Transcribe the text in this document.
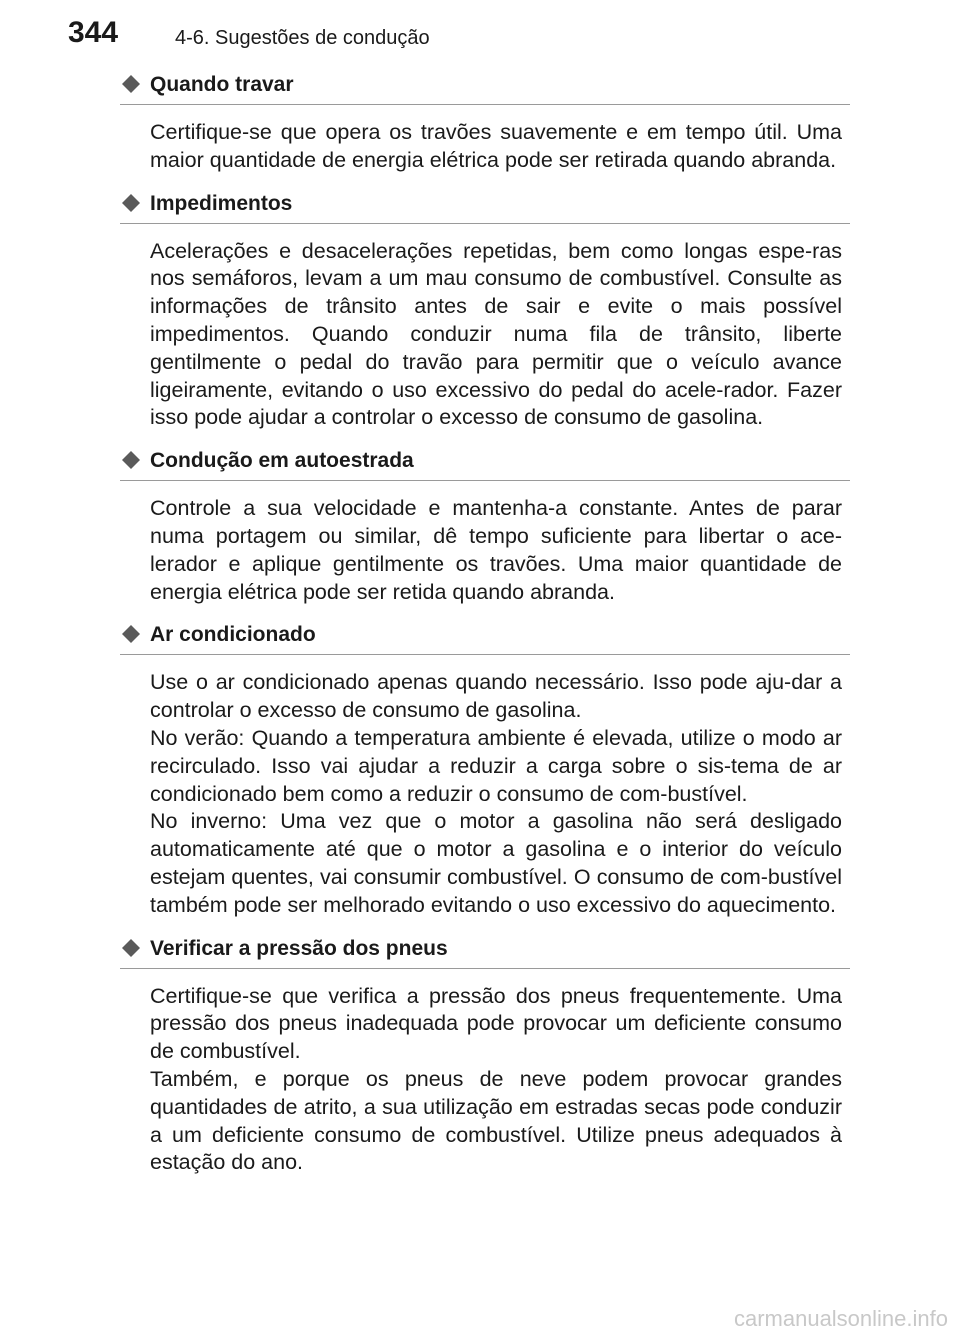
344	4-6. Sugestões de condução
Quando travar

Certifique-se que opera os travões suavemente e em tempo útil. Uma maior quantidade de energia elétrica pode ser retirada quando abranda.

Impedimentos

Acelerações e desacelerações repetidas, bem como longas espe-ras nos semáforos, levam a um mau consumo de combustível. Consulte as informações de trânsito antes de sair e evite o mais possível impedimentos. Quando conduzir numa fila de trânsito, liberte gentilmente o pedal do travão para permitir que o veículo avance ligeiramente, evitando o uso excessivo do pedal do acele-rador. Fazer isso pode ajudar a controlar o excesso de consumo de gasolina.

Condução em autoestrada

Controle a sua velocidade e mantenha-a constante. Antes de parar numa portagem ou similar, dê tempo suficiente para libertar o ace-lerador e aplique gentilmente os travões. Uma maior quantidade de energia elétrica pode ser retida quando abranda.

Ar condicionado

Use o ar condicionado apenas quando necessário. Isso pode aju-dar a controlar o excesso de consumo de gasolina.

No verão: Quando a temperatura ambiente é elevada, utilize o modo ar recirculado. Isso vai ajudar a reduzir a carga sobre o sis-tema de ar condicionado bem como a reduzir o consumo de com-bustível.

No inverno: Uma vez que o motor a gasolina não será desligado automaticamente até que o motor a gasolina e o interior do veículo estejam quentes, vai consumir combustível. O consumo de com-bustível também pode ser melhorado evitando o uso excessivo do aquecimento.

Verificar a pressão dos pneus

Certifique-se que verifica a pressão dos pneus frequentemente. Uma pressão dos pneus inadequada pode provocar um deficiente consumo de combustível.

Também, e porque os pneus de neve podem provocar grandes quantidades de atrito, a sua utilização em estradas secas pode conduzir a um deficiente consumo de combustível. Utilize pneus adequados à estação do ano.

carmanualsonline.info
